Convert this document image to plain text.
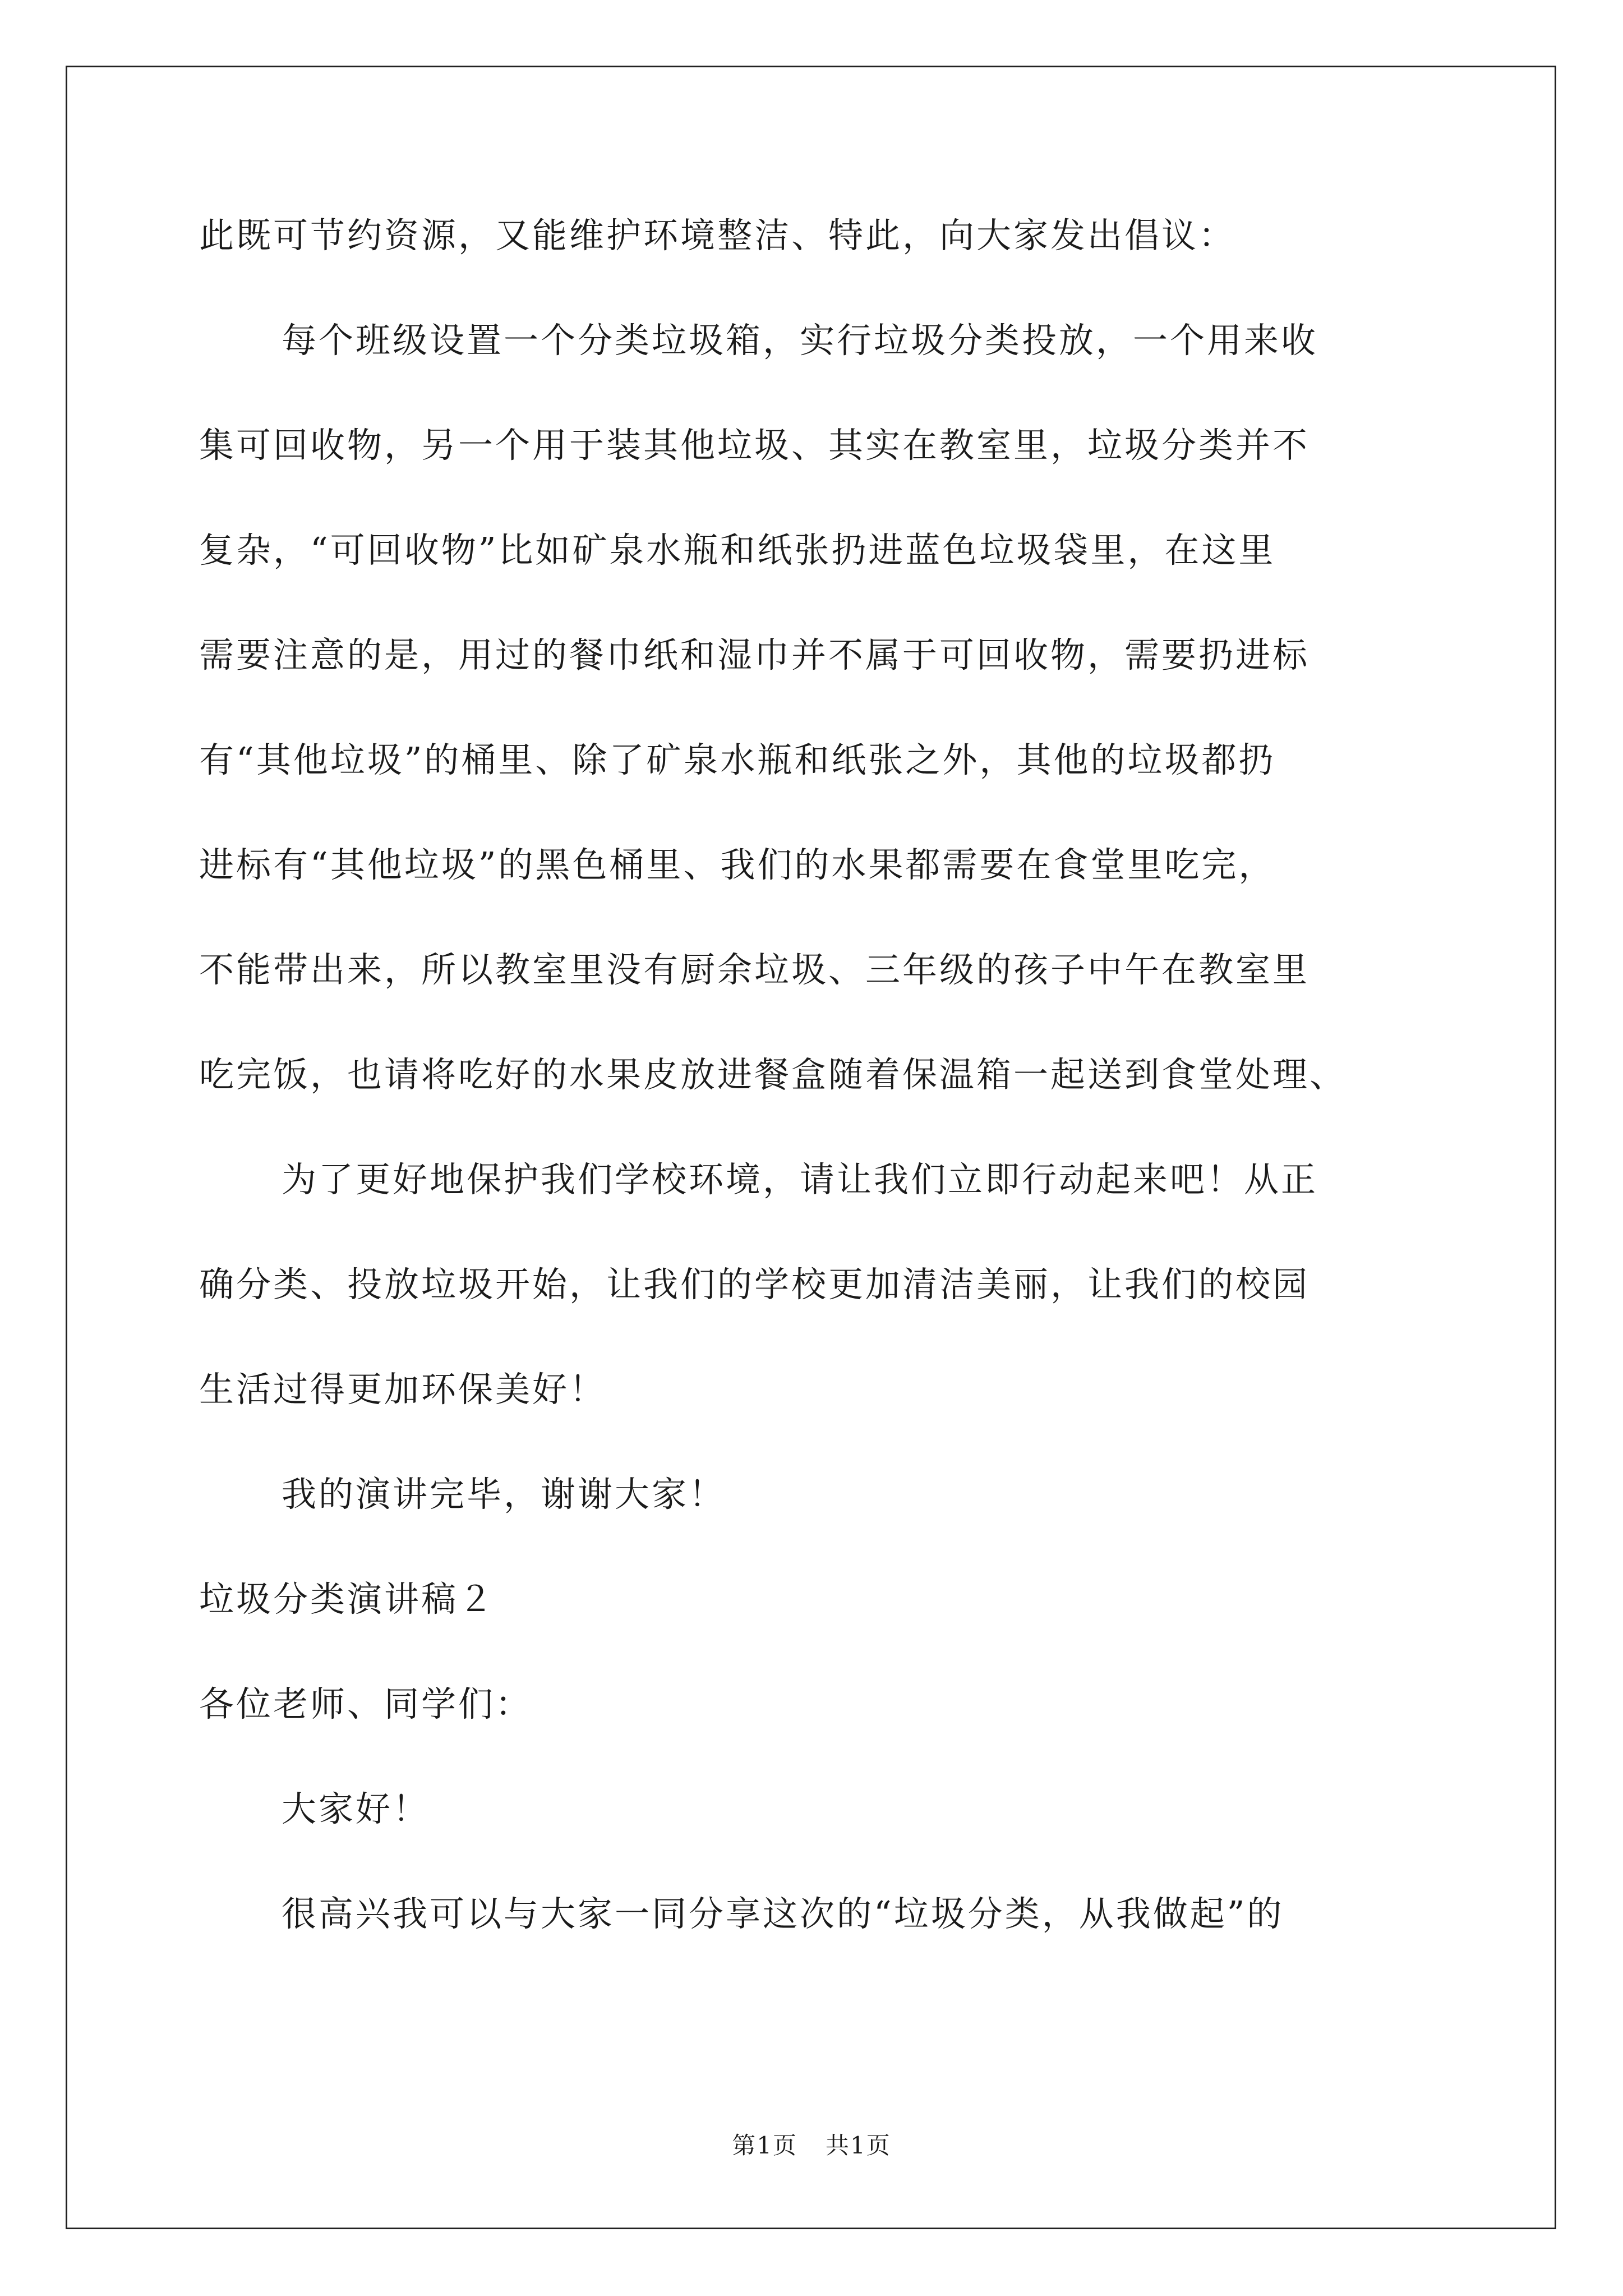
此既可节约资源，又能维护环境整洁、特此，向大家发出倡议：
每个班级设置一个分类垃圾箱，实行垃圾分类投放，一个用来收
集可回收物，另一个用于装其他垃圾、其实在教室里，垃圾分类并不
复杂，“可回收物”比如矿泉水瓶和纸张扔进蓝色垃圾袋里，在这里
需要注意的是，用过的餐巾纸和湿巾并不属于可回收物，需要扔进标
有“其他垃圾”的桶里、除了矿泉水瓶和纸张之外，其他的垃圾都扔
进标有“其他垃圾”的黑色桶里、我们的水果都需要在食堂里吃完，
不能带出来，所以教室里没有厨余垃圾、三年级的孩子中午在教室里
吃完饭，也请将吃好的水果皮放进餐盒随着保温箱一起送到食堂处理、
为了更好地保护我们学校环境，请让我们立即行动起来吧！从正
确分类、投放垃圾开始，让我们的学校更加清洁美丽，让我们的校园
生活过得更加环保美好！
我的演讲完毕，谢谢大家！
垃圾分类演讲稿２
各位老师、同学们：
大家好！
很高兴我可以与大家一同分享这次的“垃圾分类，从我做起”的
第1页 共1页
